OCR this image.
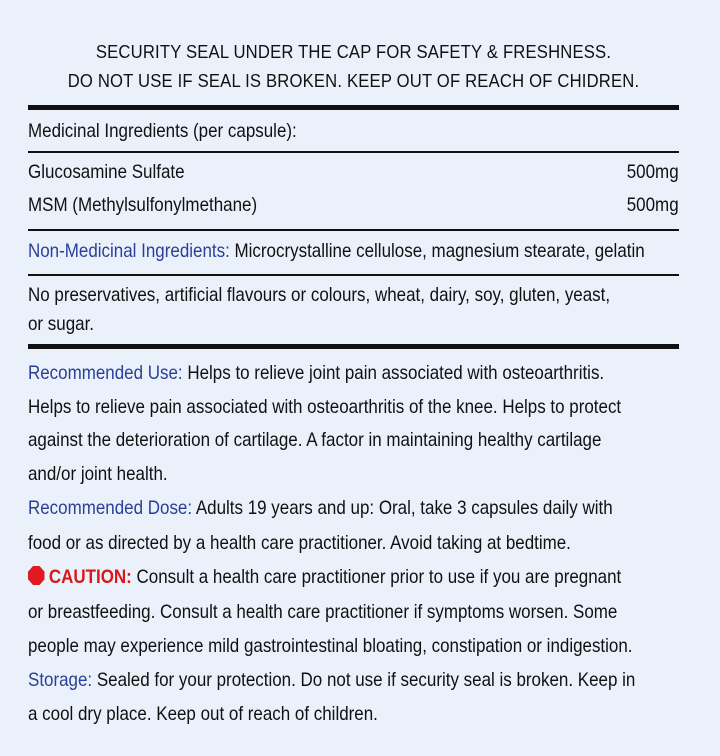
SECURITY SEAL UNDER THE CAP FOR SAFETY & FRESHNESS.
DO NOT USE IF SEAL IS BROKEN. KEEP OUT OF REACH OF CHIDREN.
Medicinal Ingredients (per capsule):
Glucosamine Sulfate	500mg
MSM (Methylsulfonylmethane)	500mg
Non-Medicinal Ingredients: Microcrystalline cellulose, magnesium stearate, gelatin
No preservatives, artificial flavours or colours, wheat, dairy, soy, gluten, yeast,
or sugar.
Recommended Use: Helps to relieve joint pain associated with osteoarthritis.
Helps to relieve pain associated with osteoarthritis of the knee. Helps to protect
against the deterioration of cartilage. A factor in maintaining healthy cartilage
and/or joint health.
Recommended Dose: Adults 19 years and up: Oral, take 3 capsules daily with
food or as directed by a health care practitioner. Avoid taking at bedtime.
CAUTION: Consult a health care practitioner prior to use if you are pregnant
or breastfeeding. Consult a health care practitioner if symptoms worsen. Some
people may experience mild gastrointestinal bloating, constipation or indigestion.
Storage: Sealed for your protection. Do not use if security seal is broken. Keep in
a cool dry place. Keep out of reach of children.
